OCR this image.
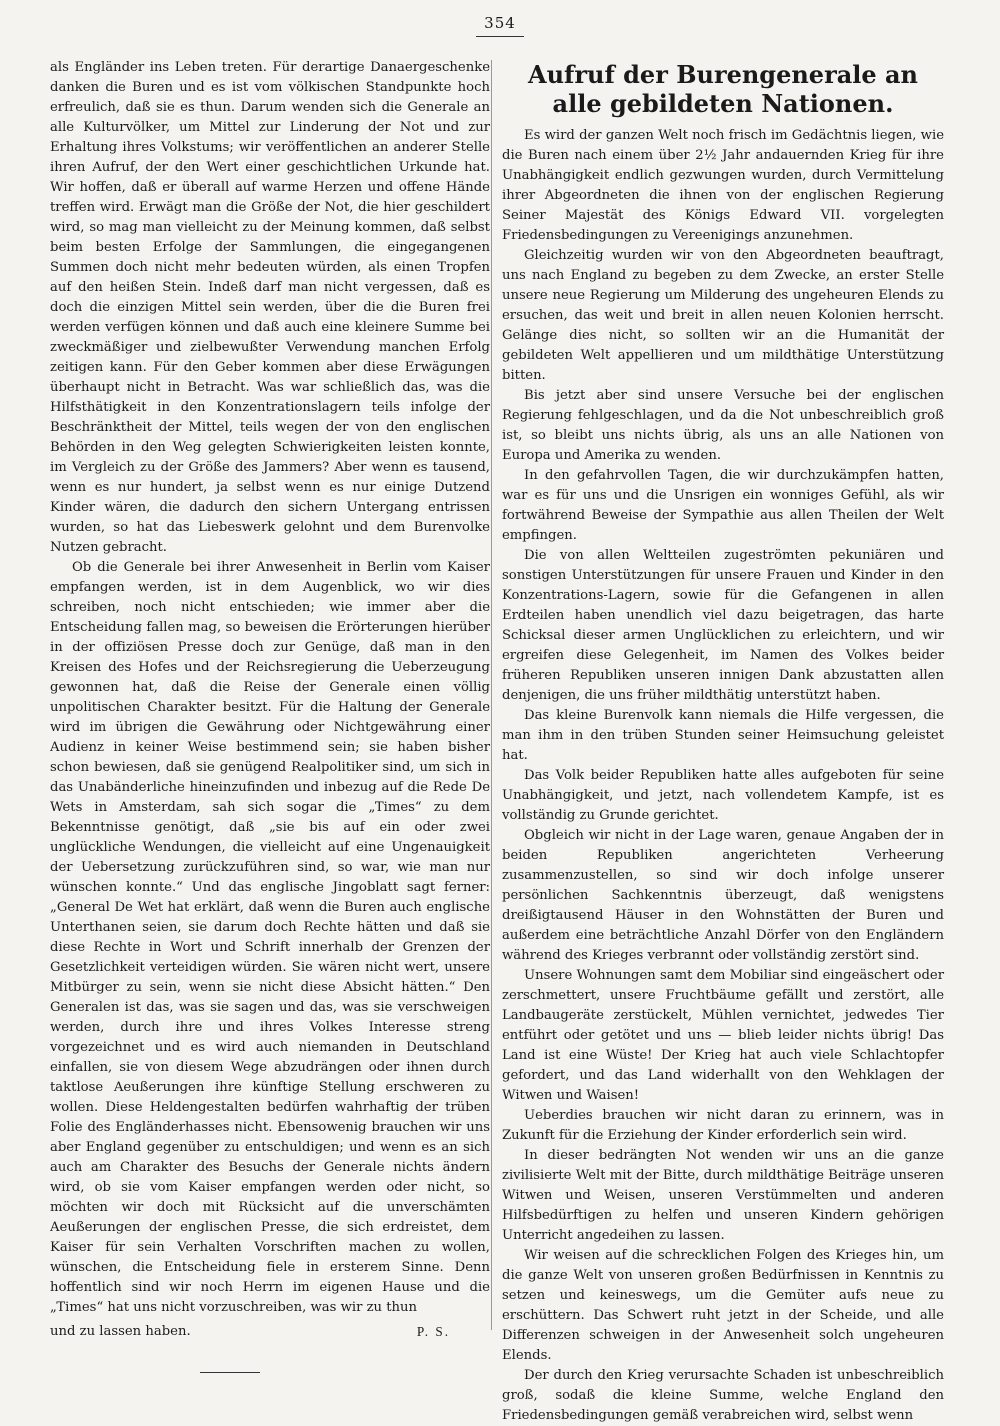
354

als Engländer ins Leben treten. Für derartige Danaergeschenke danken die Buren und es ist vom völkischen Standpunkte hoch erfreulich, daß sie es thun. Darum wenden sich die Generale an alle Kulturvölker, um Mittel zur Linderung der Not und zur Erhaltung ihres Volkstums; wir veröffentlichen an anderer Stelle ihren Aufruf, der den Wert einer geschichtlichen Urkunde hat. Wir hoffen, daß er überall auf warme Herzen und offene Hände treffen wird. Erwägt man die Größe der Not, die hier geschildert wird, so mag man vielleicht zu der Meinung kommen, daß selbst beim besten Erfolge der Sammlungen, die eingegangenen Summen doch nicht mehr bedeuten würden, als einen Tropfen auf den heißen Stein. Indeß darf man nicht vergessen, daß es doch die einzigen Mittel sein werden, über die die Buren frei werden verfügen können und daß auch eine kleinere Summe bei zweckmäßiger und zielbewußter Verwendung manchen Erfolg zeitigen kann. Für den Geber kommen aber diese Erwägungen überhaupt nicht in Betracht. Was war schließlich das, was die Hilfsthätigkeit in den Konzentrationslagern teils infolge der Beschränktheit der Mittel, teils wegen der von den englischen Behörden in den Weg gelegten Schwierigkeiten leisten konnte, im Vergleich zu der Größe des Jammers? Aber wenn es tausend, wenn es nur hundert, ja selbst wenn es nur einige Dutzend Kinder wären, die dadurch den sichern Untergang entrissen wurden, so hat das Liebeswerk gelohnt und dem Burenvolke Nutzen gebracht.

Ob die Generale bei ihrer Anwesenheit in Berlin vom Kaiser empfangen werden, ist in dem Augenblick, wo wir dies schreiben, noch nicht entschieden; wie immer aber die Entscheidung fallen mag, so beweisen die Erörterungen hierüber in der offiziösen Presse doch zur Genüge, daß man in den Kreisen des Hofes und der Reichsregierung die Ueberzeugung gewonnen hat, daß die Reise der Generale einen völlig unpolitischen Charakter besitzt. Für die Haltung der Generale wird im übrigen die Gewährung oder Nichtgewährung einer Audienz in keiner Weise bestimmend sein; sie haben bisher schon bewiesen, daß sie genügend Realpolitiker sind, um sich in das Unabänderliche hineinzufinden und inbezug auf die Rede De Wets in Amsterdam, sah sich sogar die „Times“ zu dem Bekenntnisse genötigt, daß „sie bis auf ein oder zwei unglückliche Wendungen, die vielleicht auf eine Ungenauigkeit der Uebersetzung zurückzuführen sind, so war, wie man nur wünschen konnte.“ Und das englische Jingoblatt sagt ferner: „General De Wet hat erklärt, daß wenn die Buren auch englische Unterthanen seien, sie darum doch Rechte hätten und daß sie diese Rechte in Wort und Schrift innerhalb der Grenzen der Gesetzlichkeit verteidigen würden. Sie wären nicht wert, unsere Mitbürger zu sein, wenn sie nicht diese Absicht hätten.“ Den Generalen ist das, was sie sagen und das, was sie verschweigen werden, durch ihre und ihres Volkes Interesse streng vorgezeichnet und es wird auch niemanden in Deutschland einfallen, sie von diesem Wege abzudrängen oder ihnen durch taktlose Aeußerungen ihre künftige Stellung erschweren zu wollen. Diese Heldengestalten bedürfen wahrhaftig der trüben Folie des Engländerhasses nicht. Ebensowenig brauchen wir uns aber England gegenüber zu entschuldigen; und wenn es an sich auch am Charakter des Besuchs der Generale nichts ändern wird, ob sie vom Kaiser empfangen werden oder nicht, so möchten wir doch mit Rücksicht auf die unverschämten Aeußerungen der englischen Presse, die sich erdreistet, dem Kaiser für sein Verhalten Vorschriften machen zu wollen, wünschen, die Entscheidung fiele in ersterem Sinne. Denn hoffentlich sind wir noch Herrn im eigenen Hause und die „Times“ hat uns nicht vorzuschreiben, was wir zu thun

und zu lassen haben.	P. S.
Aufruf der Burengenerale an alle gebildeten Nationen.

Es wird der ganzen Welt noch frisch im Gedächtnis liegen, wie die Buren nach einem über 2½ Jahr andauernden Krieg für ihre Unabhängigkeit endlich gezwungen wurden, durch Vermittelung ihrer Abgeordneten die ihnen von der englischen Regierung Seiner Majestät des Königs Edward VII. vorgelegten Friedensbedingungen zu Vereenigings anzunehmen.

Gleichzeitig wurden wir von den Abgeordneten beauftragt, uns nach England zu begeben zu dem Zwecke, an erster Stelle unsere neue Regierung um Milderung des ungeheuren Elends zu ersuchen, das weit und breit in allen neuen Kolonien herrscht. Gelänge dies nicht, so sollten wir an die Humanität der gebildeten Welt appellieren und um mildthätige Unterstützung bitten.

Bis jetzt aber sind unsere Versuche bei der englischen Regierung fehlgeschlagen, und da die Not unbeschreiblich groß ist, so bleibt uns nichts übrig, als uns an alle Nationen von Europa und Amerika zu wenden.

In den gefahrvollen Tagen, die wir durchzukämpfen hatten, war es für uns und die Unsrigen ein wonniges Gefühl, als wir fortwährend Beweise der Sympathie aus allen Theilen der Welt empfingen.

Die von allen Weltteilen zugeströmten pekuniären und sonstigen Unterstützungen für unsere Frauen und Kinder in den Konzentrations-Lagern, sowie für die Gefangenen in allen Erdteilen haben unendlich viel dazu beigetragen, das harte Schicksal dieser armen Unglücklichen zu erleichtern, und wir ergreifen diese Gelegenheit, im Namen des Volkes beider früheren Republiken unseren innigen Dank abzustatten allen denjenigen, die uns früher mildthätig unterstützt haben.

Das kleine Burenvolk kann niemals die Hilfe vergessen, die man ihm in den trüben Stunden seiner Heimsuchung geleistet hat.

Das Volk beider Republiken hatte alles aufgeboten für seine Unabhängigkeit, und jetzt, nach vollendetem Kampfe, ist es vollständig zu Grunde gerichtet.

Obgleich wir nicht in der Lage waren, genaue Angaben der in beiden Republiken angerichteten Verheerung zusammenzustellen, so sind wir doch infolge unserer persönlichen Sachkenntnis überzeugt, daß wenigstens dreißigtausend Häuser in den Wohnstätten der Buren und außerdem eine beträchtliche Anzahl Dörfer von den Engländern während des Krieges verbrannt oder vollständig zerstört sind.

Unsere Wohnungen samt dem Mobiliar sind eingeäschert oder zerschmettert, unsere Fruchtbäume gefällt und zerstört, alle Landbaugeräte zerstückelt, Mühlen vernichtet, jedwedes Tier entführt oder getötet und uns — blieb leider nichts übrig! Das Land ist eine Wüste! Der Krieg hat auch viele Schlachtopfer gefordert, und das Land widerhallt von den Wehklagen der Witwen und Waisen!

Ueberdies brauchen wir nicht daran zu erinnern, was in Zukunft für die Erziehung der Kinder erforderlich sein wird.

In dieser bedrängten Not wenden wir uns an die ganze zivilisierte Welt mit der Bitte, durch mildthätige Beiträge unseren Witwen und Weisen, unseren Verstümmelten und anderen Hilfsbedürftigen zu helfen und unseren Kindern gehörigen Unterricht angedeihen zu lassen.

Wir weisen auf die schrecklichen Folgen des Krieges hin, um die ganze Welt von unseren großen Bedürfnissen in Kenntnis zu setzen und keineswegs, um die Gemüter aufs neue zu erschüttern. Das Schwert ruht jetzt in der Scheide, und alle Differenzen schweigen in der Anwesenheit solch ungeheuren Elends.

Der durch den Krieg verursachte Schaden ist unbeschreiblich groß, sodaß die kleine Summe, welche England den Friedensbedingungen gemäß verabreichen wird, selbst wenn
